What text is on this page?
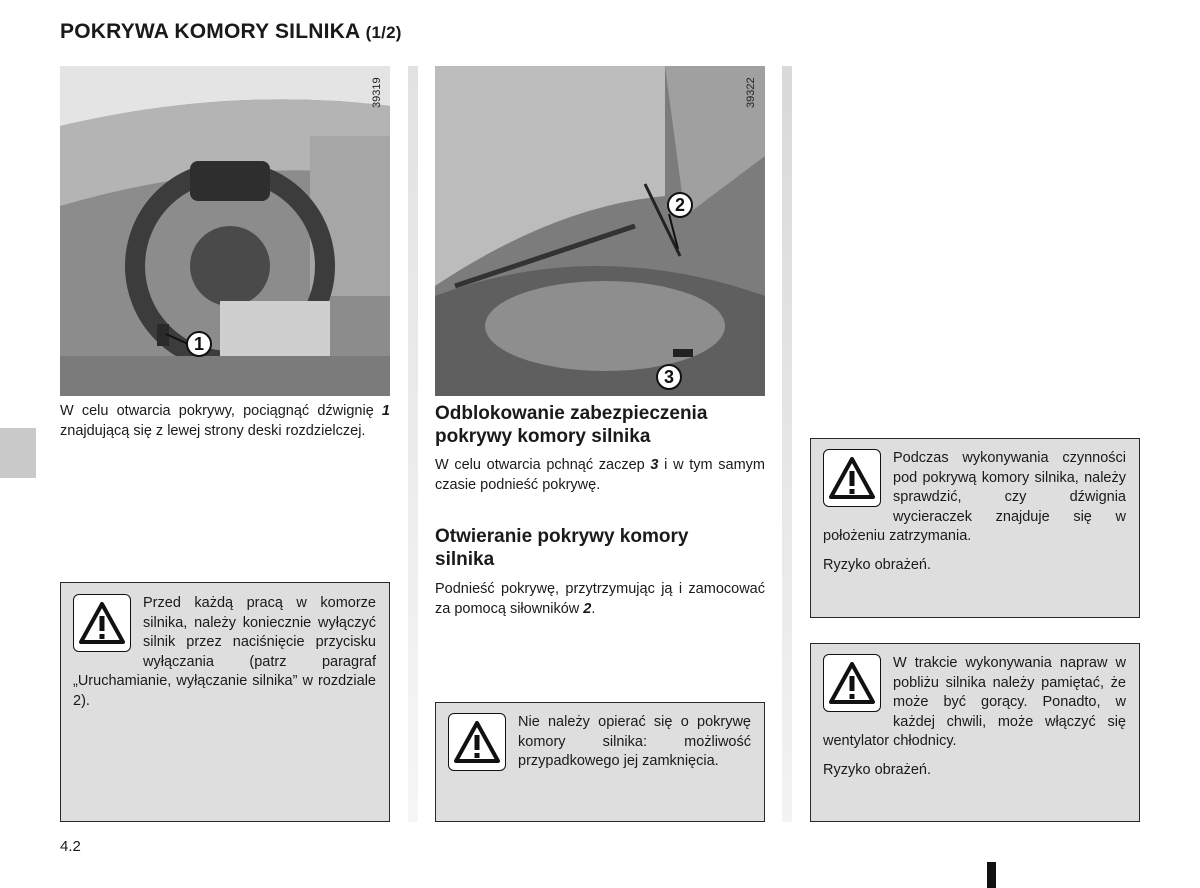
POKRYWA KOMORY SILNIKA (1/2)
1
39319
2
3
39322
W celu otwarcia pokrywy, pociągnąć dźwignię 1 znajdującą się z lewej strony deski rozdzielczej.

Przed każdą pracą w komorze silnika, należy koniecznie wyłączyć silnik przez naciśnięcie przycisku wyłączania (patrz paragraf „Uruchamianie, wyłączanie silnika” w rozdziale 2).

Odblokowanie zabezpieczenia pokrywy komory silnika
W celu otwarcia pchnąć zaczep 3 i w tym samym czasie podnieść pokrywę.
Otwieranie pokrywy komory silnika
Podnieść pokrywę, przytrzymując ją i zamocować za pomocą siłowników 2.

Nie należy opierać się o pokrywę komory silnika: możliwość przypadkowego jej zamknięcia.

Podczas wykonywania czynności pod pokrywą komory silnika, należy sprawdzić, czy dźwignia wycieraczek znajduje się w położeniu zatrzymania.

Ryzyko obrażeń.

W trakcie wykonywania napraw w pobliżu silnika należy pamiętać, że może być gorący. Ponadto, w każdej chwili, może włączyć się wentylator chłodnicy.

Ryzyko obrażeń.

4.2
